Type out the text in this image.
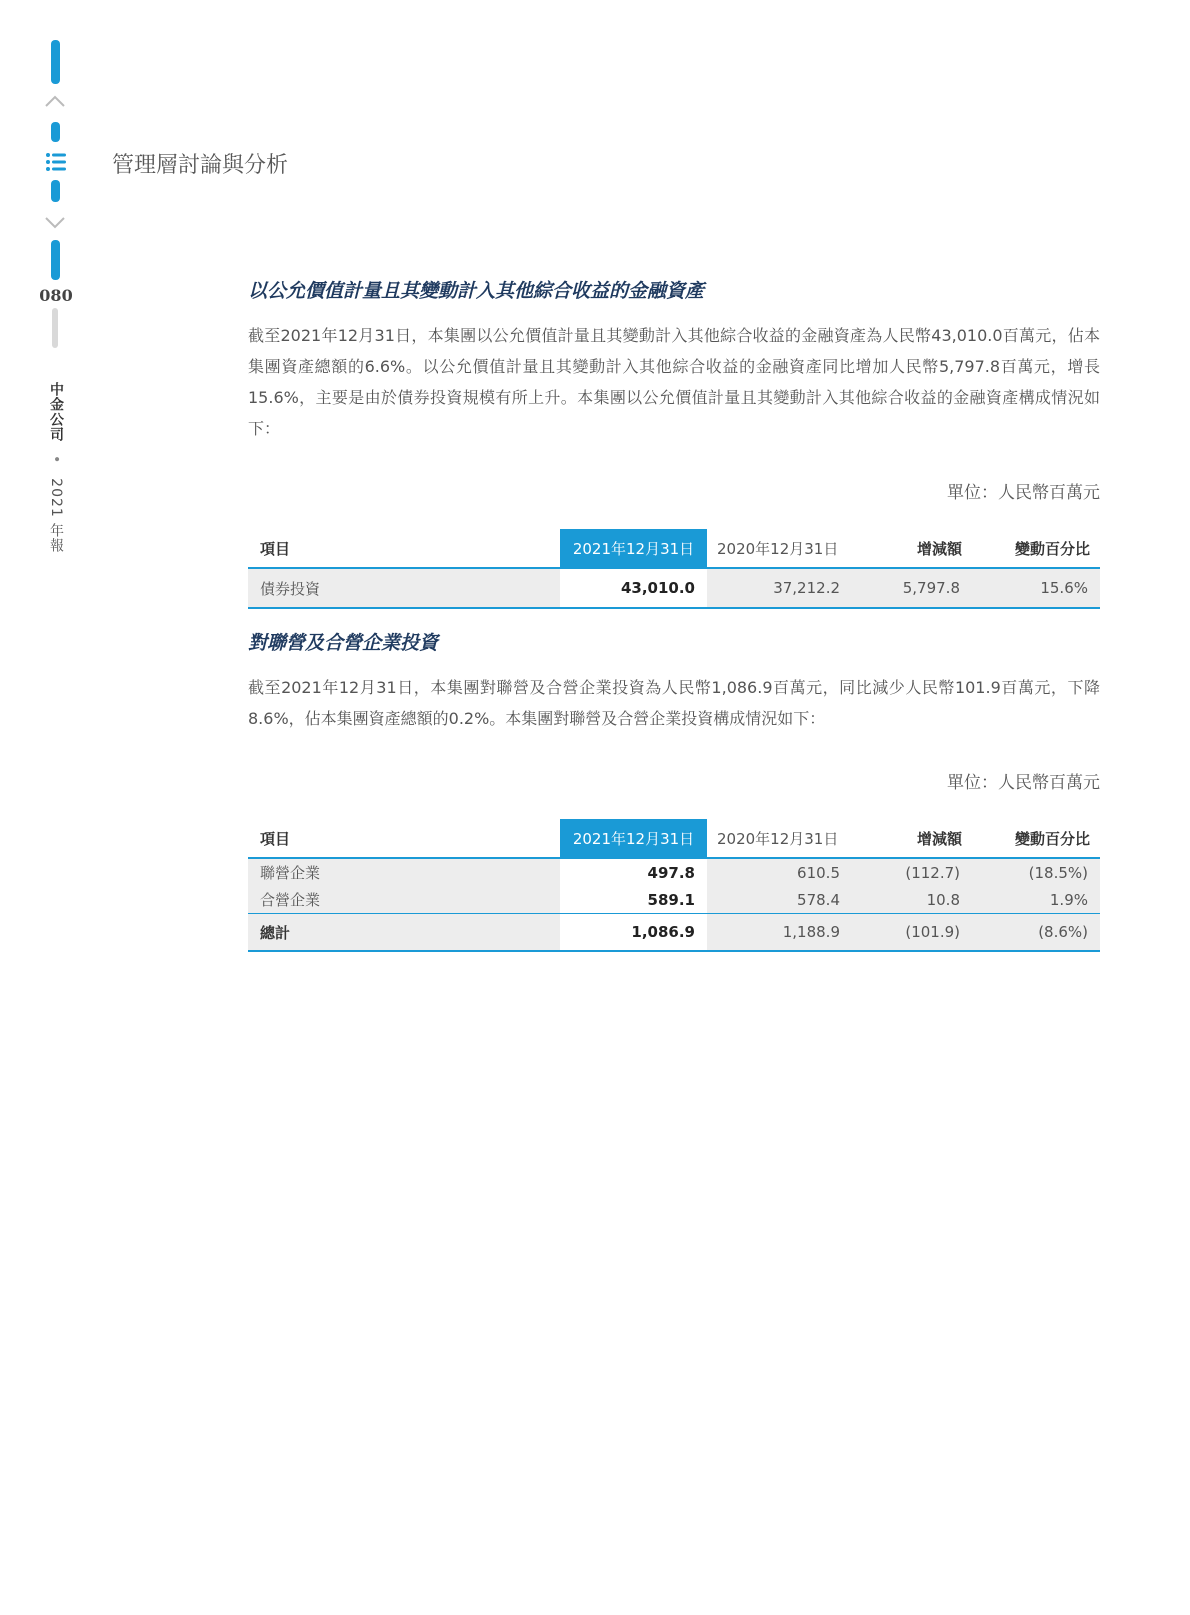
080
中金公司 • 2021 年報
管理層討論與分析
以公允價值計量且其變動計入其他綜合收益的金融資產

截至2021年12月31日，本集團以公允價值計量且其變動計入其他綜合收益的金融資產為人民幣43,010.0百萬元，佔本集團資產總額的6.6%。以公允價值計量且其變動計入其他綜合收益的金融資產同比增加人民幣5,797.8百萬元，增長15.6%，主要是由於債券投資規模有所上升。本集團以公允價值計量且其變動計入其他綜合收益的金融資產構成情況如下：

單位：人民幣百萬元
項目	2021年12月31日	2020年12月31日	增減額	變動百分比
債券投資	43,010.0	37,212.2	5,797.8	15.6%
對聯營及合營企業投資

截至2021年12月31日，本集團對聯營及合營企業投資為人民幣1,086.9百萬元，同比減少人民幣101.9百萬元，下降8.6%，佔本集團資產總額的0.2%。本集團對聯營及合營企業投資構成情況如下：

單位：人民幣百萬元
項目	2021年12月31日	2020年12月31日	增減額	變動百分比
聯營企業	497.8	610.5	(112.7)	(18.5%)
合營企業	589.1	578.4	10.8	1.9%
總計	1,086.9	1,188.9	(101.9)	(8.6%)
